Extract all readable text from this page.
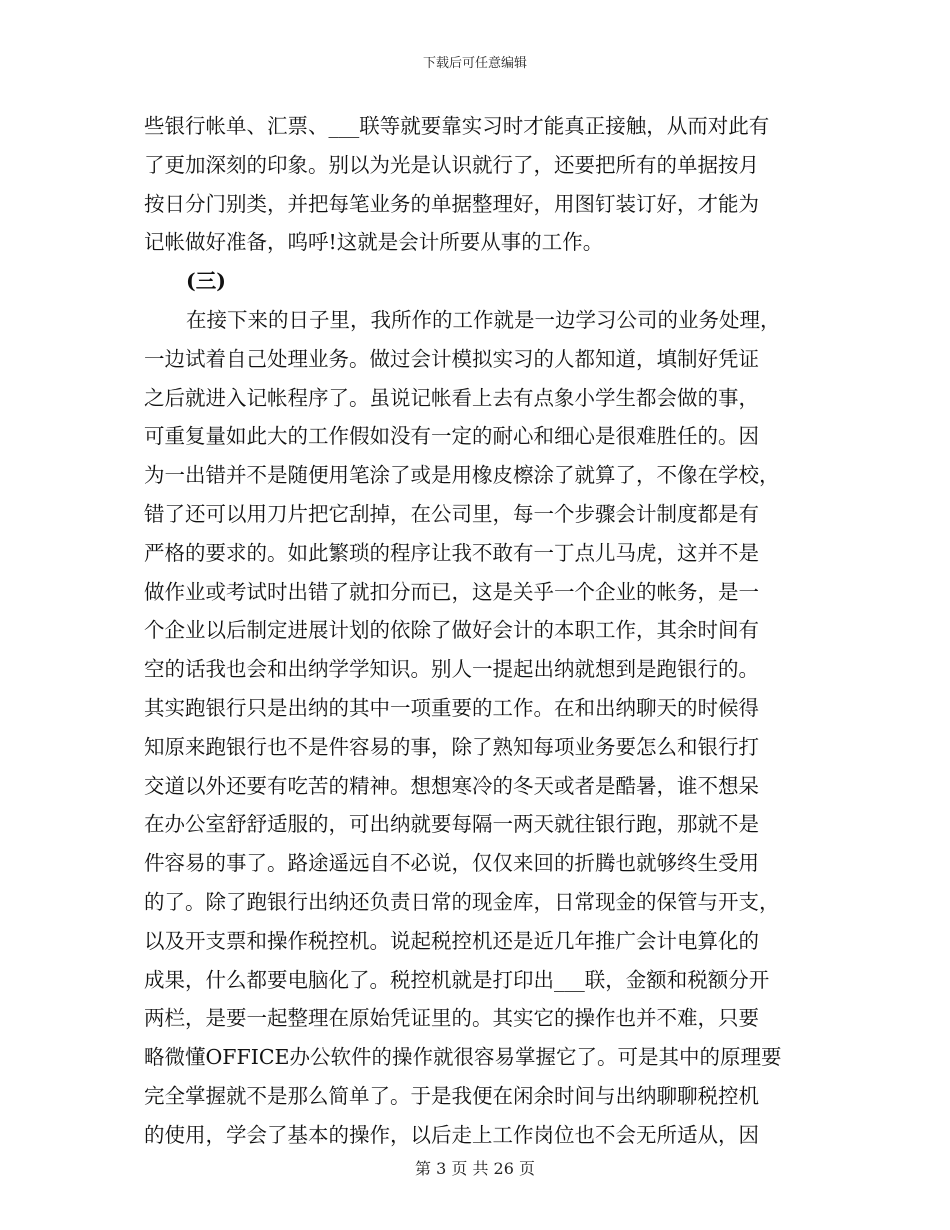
下载后可任意编辑
些银行帐单、汇票、___联等就要靠实习时才能真正接触，从而对此有
了更加深刻的印象。别以为光是认识就行了，还要把所有的单据按月
按日分门别类，并把每笔业务的单据整理好，用图钉装订好，才能为
记帐做好准备，呜呼!这就是会计所要从事的工作。
(三)
在接下来的日子里，我所作的工作就是一边学习公司的业务处理，
一边试着自己处理业务。做过会计模拟实习的人都知道，填制好凭证
之后就进入记帐程序了。虽说记帐看上去有点象小学生都会做的事，
可重复量如此大的工作假如没有一定的耐心和细心是很难胜任的。因
为一出错并不是随便用笔涂了或是用橡皮檫涂了就算了，不像在学校，
错了还可以用刀片把它刮掉，在公司里，每一个步骤会计制度都是有
严格的要求的。如此繁琐的程序让我不敢有一丁点儿马虎，这并不是
做作业或考试时出错了就扣分而已，这是关乎一个企业的帐务，是一
个企业以后制定进展计划的依除了做好会计的本职工作，其余时间有
空的话我也会和出纳学学知识。别人一提起出纳就想到是跑银行的。
其实跑银行只是出纳的其中一项重要的工作。在和出纳聊天的时候得
知原来跑银行也不是件容易的事，除了熟知每项业务要怎么和银行打
交道以外还要有吃苦的精神。想想寒冷的冬天或者是酷暑，谁不想呆
在办公室舒舒适服的，可出纳就要每隔一两天就往银行跑，那就不是
件容易的事了。路途遥远自不必说，仅仅来回的折腾也就够终生受用
的了。除了跑银行出纳还负责日常的现金库，日常现金的保管与开支，
以及开支票和操作税控机。说起税控机还是近几年推广会计电算化的
成果，什么都要电脑化了。税控机就是打印出___联，金额和税额分开
两栏，是要一起整理在原始凭证里的。其实它的操作也并不难，只要
略微懂OFFICE办公软件的操作就很容易掌握它了。可是其中的原理要
完全掌握就不是那么简单了。于是我便在闲余时间与出纳聊聊税控机
的使用，学会了基本的操作，以后走上工作岗位也不会无所适从，因
第 3 页 共 26 页
